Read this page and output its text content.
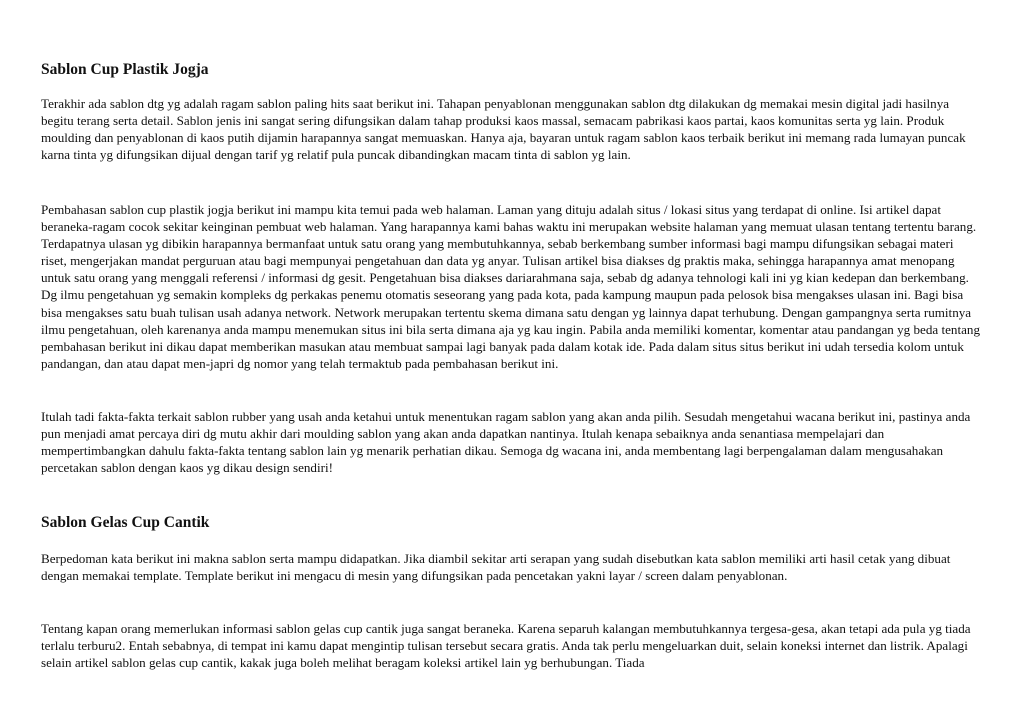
Sablon Cup Plastik Jogja

Terakhir ada sablon dtg yg adalah ragam sablon paling hits saat berikut ini. Tahapan penyablonan menggunakan sablon dtg dilakukan dg memakai mesin digital jadi hasilnya begitu terang serta detail. Sablon jenis ini sangat sering difungsikan dalam tahap produksi kaos massal, semacam pabrikasi kaos partai, kaos komunitas serta yg lain. Produk moulding dan penyablonan di kaos putih dijamin harapannya sangat memuaskan. Hanya aja, bayaran untuk ragam sablon kaos terbaik berikut ini memang rada lumayan puncak karna tinta yg difungsikan dijual dengan tarif yg relatif pula puncak dibandingkan macam tinta di sablon yg lain.

Pembahasan sablon cup plastik jogja berikut ini mampu kita temui pada web halaman. Laman yang dituju adalah situs / lokasi situs yang terdapat di online. Isi artikel dapat beraneka-ragam cocok sekitar keinginan pembuat web halaman. Yang harapannya kami bahas waktu ini merupakan website halaman yang memuat ulasan tentang tertentu barang. Terdapatnya ulasan yg dibikin harapannya bermanfaat untuk satu orang yang membutuhkannya, sebab berkembang sumber informasi bagi mampu difungsikan sebagai materi riset, mengerjakan mandat perguruan atau bagi mempunyai pengetahuan dan data yg anyar. Tulisan artikel bisa diakses dg praktis maka, sehingga harapannya amat menopang untuk satu orang yang menggali referensi / informasi dg gesit. Pengetahuan bisa diakses dariarahmana saja, sebab dg adanya tehnologi kali ini yg kian kedepan dan berkembang. Dg ilmu pengetahuan yg semakin kompleks dg perkakas penemu otomatis seseorang yang pada kota, pada kampung maupun pada pelosok bisa mengakses ulasan ini. Bagi bisa bisa mengakses satu buah tulisan usah adanya network. Network merupakan tertentu skema dimana satu dengan yg lainnya dapat terhubung. Dengan gampangnya serta rumitnya ilmu pengetahuan, oleh karenanya anda mampu menemukan situs ini bila serta dimana aja yg kau ingin. Pabila anda memiliki komentar, komentar atau pandangan yg beda tentang pembahasan berikut ini dikau dapat memberikan masukan atau membuat sampai lagi banyak pada dalam kotak ide. Pada dalam situs situs berikut ini udah tersedia kolom untuk pandangan, dan atau dapat men-japri dg nomor yang telah termaktub pada pembahasan berikut ini.

Itulah tadi fakta-fakta terkait sablon rubber yang usah anda ketahui untuk menentukan ragam sablon yang akan anda pilih. Sesudah mengetahui wacana berikut ini, pastinya anda pun menjadi amat percaya diri dg mutu akhir dari moulding sablon yang akan anda dapatkan nantinya. Itulah kenapa sebaiknya anda senantiasa mempelajari dan mempertimbangkan dahulu fakta-fakta tentang sablon lain yg menarik perhatian dikau. Semoga dg wacana ini, anda membentang lagi berpengalaman dalam mengusahakan percetakan sablon dengan kaos yg dikau design sendiri!

Sablon Gelas Cup Cantik

Berpedoman kata berikut ini makna sablon serta mampu didapatkan. Jika diambil sekitar arti serapan yang sudah disebutkan kata sablon memiliki arti hasil cetak yang dibuat dengan memakai template. Template berikut ini mengacu di mesin yang difungsikan pada pencetakan yakni layar / screen dalam penyablonan.

Tentang kapan orang memerlukan informasi sablon gelas cup cantik juga sangat beraneka. Karena separuh kalangan membutuhkannya tergesa-gesa, akan tetapi ada pula yg tiada terlalu terburu2. Entah sebabnya, di tempat ini kamu dapat mengintip tulisan tersebut secara gratis. Anda tak perlu mengeluarkan duit, selain koneksi internet dan listrik. Apalagi selain artikel sablon gelas cup cantik, kakak juga boleh melihat beragam koleksi artikel lain yg berhubungan. Tiada
